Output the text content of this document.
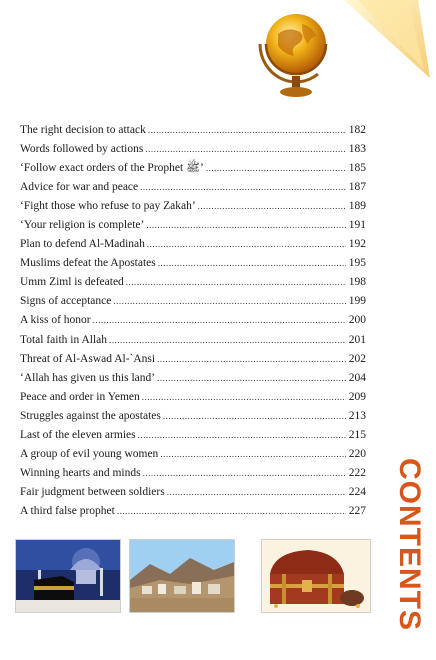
The right decision to attack .....	182
Words followed by actions .....	183
‘Follow exact orders of the Prophet ﷺ’ .....	185
Advice for war and peace .....	187
‘Fight those who refuse to pay Zakah’ .....	189
‘Your religion is complete’ .....	191
Plan to defend Al-Madinah .....	192
Muslims defeat the Apostates .....	195
Umm Ziml is defeated .....	198
Signs of acceptance .....	199
A kiss of honor .....	200
Total faith in Allah .....	201
Threat of Al-Aswad Al-`Ansi .....	202
‘Allah has given us this land’ .....	204
Peace and order in Yemen .....	209
Struggles against the apostates .....	213
Last of the eleven armies .....	215
A group of evil young women .....	220
Winning hearts and minds .....	222
Fair judgment between soldiers .....	224
A third false prophet .....	227 CONTENTS
